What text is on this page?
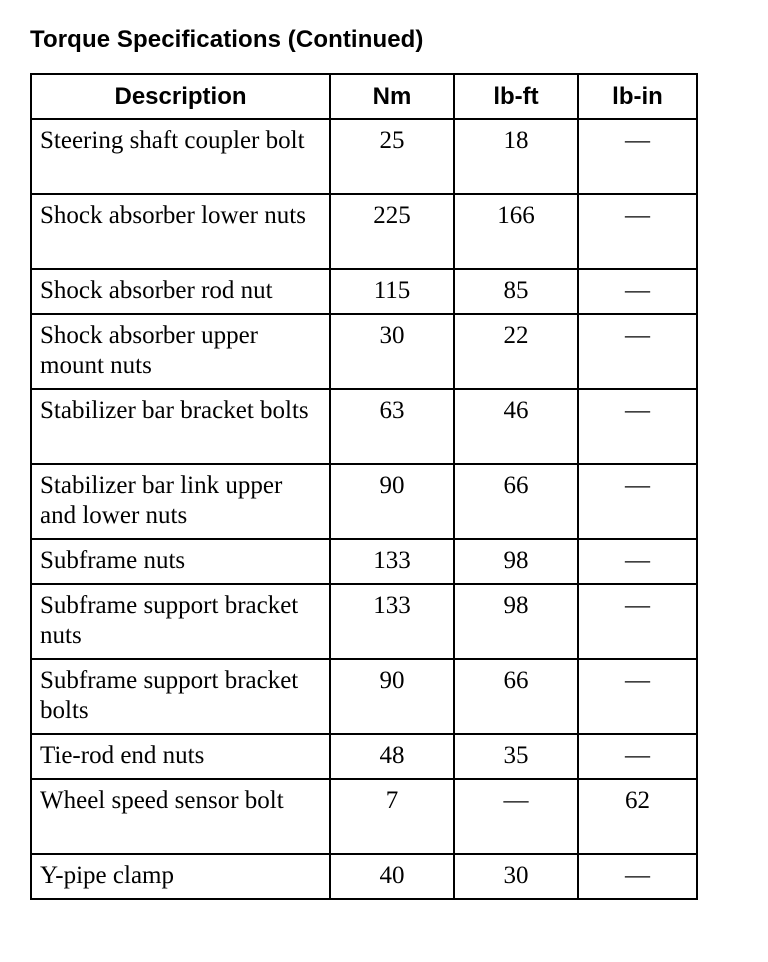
Torque Specifications (Continued)
Description	Nm	lb-ft	lb-in
Steering shaft coupler bolt	25	18	—
Shock absorber lower nuts	225	166	—
Shock absorber rod nut	115	85	—
Shock absorber upper mount nuts	30	22	—
Stabilizer bar bracket bolts	63	46	—
Stabilizer bar link upper and lower nuts	90	66	—
Subframe nuts	133	98	—
Subframe support bracket nuts	133	98	—
Subframe support bracket bolts	90	66	—
Tie-rod end nuts	48	35	—
Wheel speed sensor bolt	7	—	62
Y-pipe clamp	40	30	—
